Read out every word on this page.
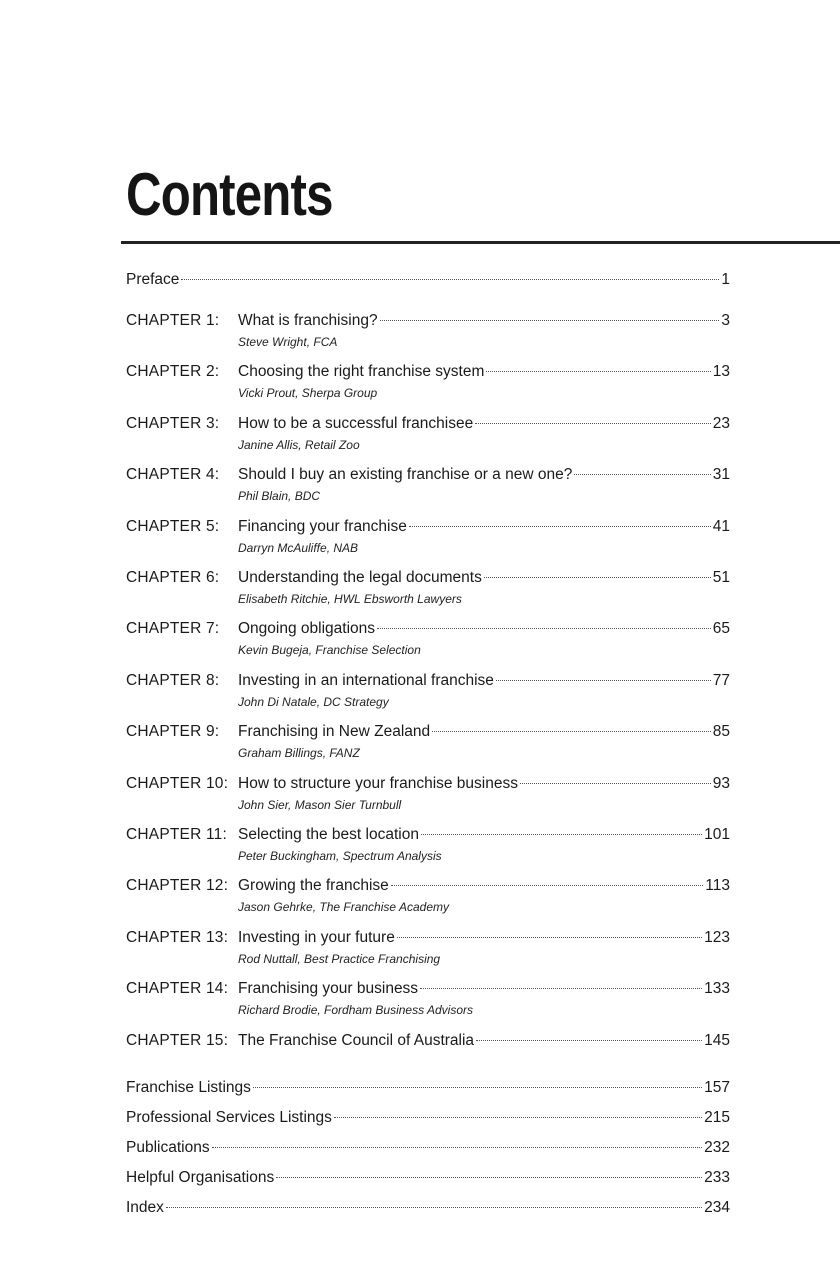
Contents
Preface	1
CHAPTER 1:	What is franchising?	3
Steve Wright, FCA
CHAPTER 2:	Choosing the right franchise system	13
Vicki Prout, Sherpa Group
CHAPTER 3:	How to be a successful franchisee	23
Janine Allis, Retail Zoo
CHAPTER 4:	Should I buy an existing franchise or a new one?	31
Phil Blain, BDC
CHAPTER 5:	Financing your franchise	41
Darryn McAuliffe, NAB
CHAPTER 6:	Understanding the legal documents	51
Elisabeth Ritchie, HWL Ebsworth Lawyers
CHAPTER 7:	Ongoing obligations	65
Kevin Bugeja, Franchise Selection
CHAPTER 8:	Investing in an international franchise	77
John Di Natale, DC Strategy
CHAPTER 9:	Franchising in New Zealand	85
Graham Billings, FANZ
CHAPTER 10: How to structure your franchise business	93
John Sier, Mason Sier Turnbull
CHAPTER 11: Selecting the best location	101
Peter Buckingham, Spectrum Analysis
CHAPTER 12: Growing the franchise	113
Jason Gehrke, The Franchise Academy
CHAPTER 13: Investing in your future	123
Rod Nuttall, Best Practice Franchising
CHAPTER 14: Franchising your business	133
Richard Brodie, Fordham Business Advisors
CHAPTER 15: The Franchise Council of Australia	145
Franchise Listings	157
Professional Services Listings	215
Publications	232
Helpful Organisations	233
Index	234
